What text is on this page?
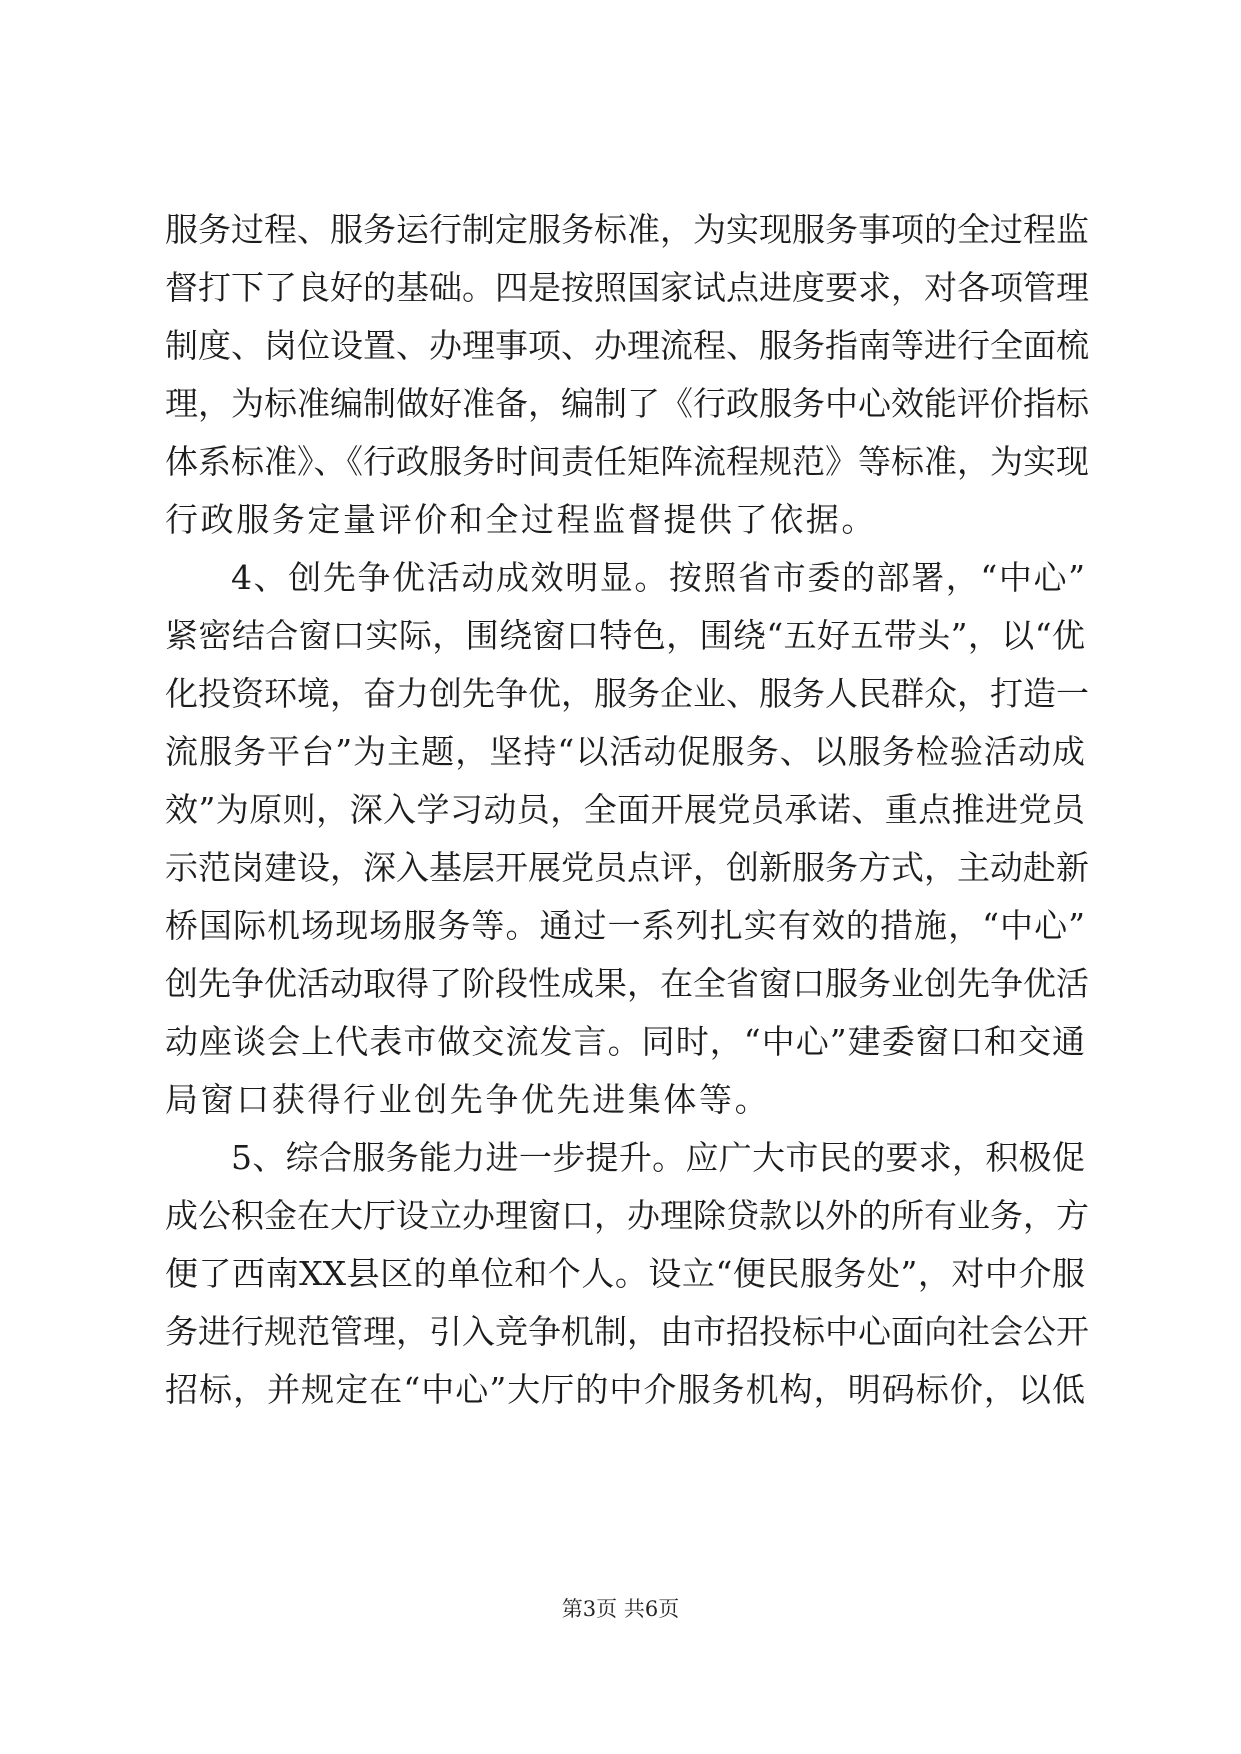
服务过程、服务运行制定服务标准，为实现服务事项的全过程监
督打下了良好的基础。四是按照国家试点进度要求，对各项管理
制度、岗位设置、办理事项、办理流程、服务指南等进行全面梳
理，为标准编制做好准备，编制了《行政服务中心效能评价指标
体系标准》、《行政服务时间责任矩阵流程规范》等标准，为实现
行政服务定量评价和全过程监督提供了依据。
4、创先争优活动成效明显。按照省市委的部署，“中心”
紧密结合窗口实际，围绕窗口特色，围绕“五好五带头”，以“优
化投资环境，奋力创先争优，服务企业、服务人民群众，打造一
流服务平台”为主题，坚持“以活动促服务、以服务检验活动成
效”为原则，深入学习动员，全面开展党员承诺、重点推进党员
示范岗建设，深入基层开展党员点评，创新服务方式，主动赴新
桥国际机场现场服务等。通过一系列扎实有效的措施，“中心”
创先争优活动取得了阶段性成果，在全省窗口服务业创先争优活
动座谈会上代表市做交流发言。同时，“中心”建委窗口和交通
局窗口获得行业创先争优先进集体等。
5、综合服务能力进一步提升。应广大市民的要求，积极促
成公积金在大厅设立办理窗口，办理除贷款以外的所有业务，方
便了西南XX县区的单位和个人。设立“便民服务处”，对中介服
务进行规范管理，引入竞争机制，由市招投标中心面向社会公开
招标，并规定在“中心”大厅的中介服务机构，明码标价，以低
第3页 共6页
